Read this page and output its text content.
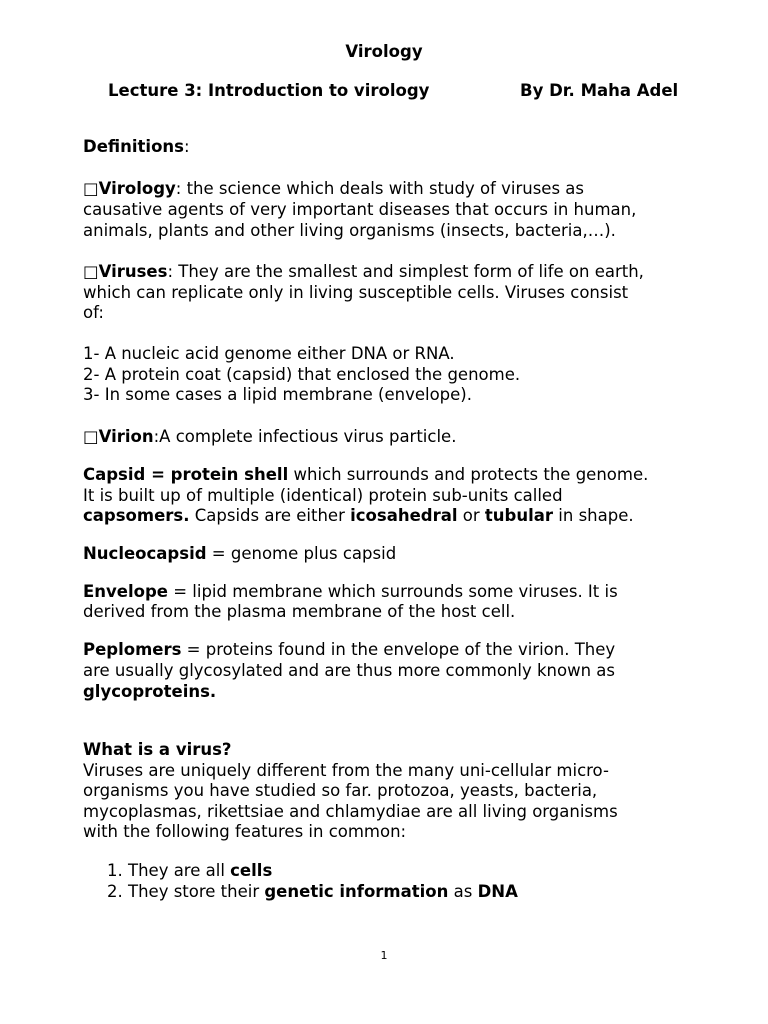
Virology
Lecture 3: Introduction to virology	By Dr. Maha Adel

Definitions:

□Virology: the science which deals with study of viruses as

causative agents of very important diseases that occurs in human,

animals, plants and other living organisms (insects, bacteria,…).

□Viruses: They are the smallest and simplest form of life on earth,

which can replicate only in living susceptible cells. Viruses consist

of:

1- A nucleic acid genome either DNA or RNA.

2- A protein coat (capsid) that enclosed the genome.

3- In some cases a lipid membrane (envelope).

□Virion:A complete infectious virus particle.

Capsid = protein shell which surrounds and protects the genome.

It is built up of multiple (identical) protein sub-units called

capsomers. Capsids are either icosahedral or tubular in shape.

Nucleocapsid = genome plus capsid

Envelope = lipid membrane which surrounds some viruses. It is

derived from the plasma membrane of the host cell.

Peplomers = proteins found in the envelope of the virion. They

are usually glycosylated and are thus more commonly known as

glycoproteins.

What is a virus?

Viruses are uniquely different from the many uni-cellular micro-

organisms you have studied so far. protozoa, yeasts, bacteria,

mycoplasmas, rikettsiae and chlamydiae are all living organisms

with the following features in common:

1. They are all cells

2. They store their genetic information as DNA

1
